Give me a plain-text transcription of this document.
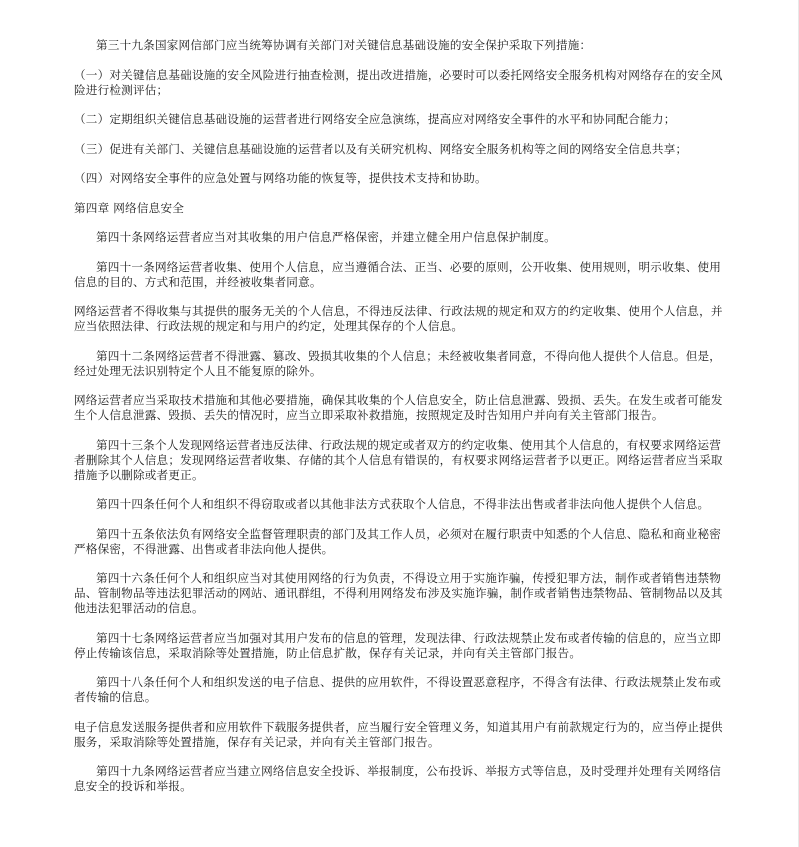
第三十九条国家网信部门应当统筹协调有关部门对关键信息基础设施的安全保护采取下列措施：

（一）对关键信息基础设施的安全风险进行抽查检测，提出改进措施，必要时可以委托网络安全服务机构对网络存在的安全风险进行检测评估；

（二）定期组织关键信息基础设施的运营者进行网络安全应急演练，提高应对网络安全事件的水平和协同配合能力；

（三）促进有关部门、关键信息基础设施的运营者以及有关研究机构、网络安全服务机构等之间的网络安全信息共享；

（四）对网络安全事件的应急处置与网络功能的恢复等，提供技术支持和协助。

第四章 网络信息安全

第四十条网络运营者应当对其收集的用户信息严格保密，并建立健全用户信息保护制度。

第四十一条网络运营者收集、使用个人信息，应当遵循合法、正当、必要的原则，公开收集、使用规则，明示收集、使用信息的目的、方式和范围，并经被收集者同意。

网络运营者不得收集与其提供的服务无关的个人信息，不得违反法律、行政法规的规定和双方的约定收集、使用个人信息，并应当依照法律、行政法规的规定和与用户的约定，处理其保存的个人信息。

第四十二条网络运营者不得泄露、篡改、毁损其收集的个人信息；未经被收集者同意，不得向他人提供个人信息。但是，经过处理无法识别特定个人且不能复原的除外。

网络运营者应当采取技术措施和其他必要措施，确保其收集的个人信息安全，防止信息泄露、毁损、丢失。在发生或者可能发生个人信息泄露、毁损、丢失的情况时，应当立即采取补救措施，按照规定及时告知用户并向有关主管部门报告。

第四十三条个人发现网络运营者违反法律、行政法规的规定或者双方的约定收集、使用其个人信息的，有权要求网络运营者删除其个人信息；发现网络运营者收集、存储的其个人信息有错误的，有权要求网络运营者予以更正。网络运营者应当采取措施予以删除或者更正。

第四十四条任何个人和组织不得窃取或者以其他非法方式获取个人信息，不得非法出售或者非法向他人提供个人信息。

第四十五条依法负有网络安全监督管理职责的部门及其工作人员，必须对在履行职责中知悉的个人信息、隐私和商业秘密严格保密，不得泄露、出售或者非法向他人提供。

第四十六条任何个人和组织应当对其使用网络的行为负责，不得设立用于实施诈骗，传授犯罪方法，制作或者销售违禁物品、管制物品等违法犯罪活动的网站、通讯群组，不得利用网络发布涉及实施诈骗，制作或者销售违禁物品、管制物品以及其他违法犯罪活动的信息。

第四十七条网络运营者应当加强对其用户发布的信息的管理，发现法律、行政法规禁止发布或者传输的信息的，应当立即停止传输该信息，采取消除等处置措施，防止信息扩散，保存有关记录，并向有关主管部门报告。

第四十八条任何个人和组织发送的电子信息、提供的应用软件，不得设置恶意程序，不得含有法律、行政法规禁止发布或者传输的信息。

电子信息发送服务提供者和应用软件下载服务提供者，应当履行安全管理义务，知道其用户有前款规定行为的，应当停止提供服务，采取消除等处置措施，保存有关记录，并向有关主管部门报告。

第四十九条网络运营者应当建立网络信息安全投诉、举报制度，公布投诉、举报方式等信息，及时受理并处理有关网络信息安全的投诉和举报。
